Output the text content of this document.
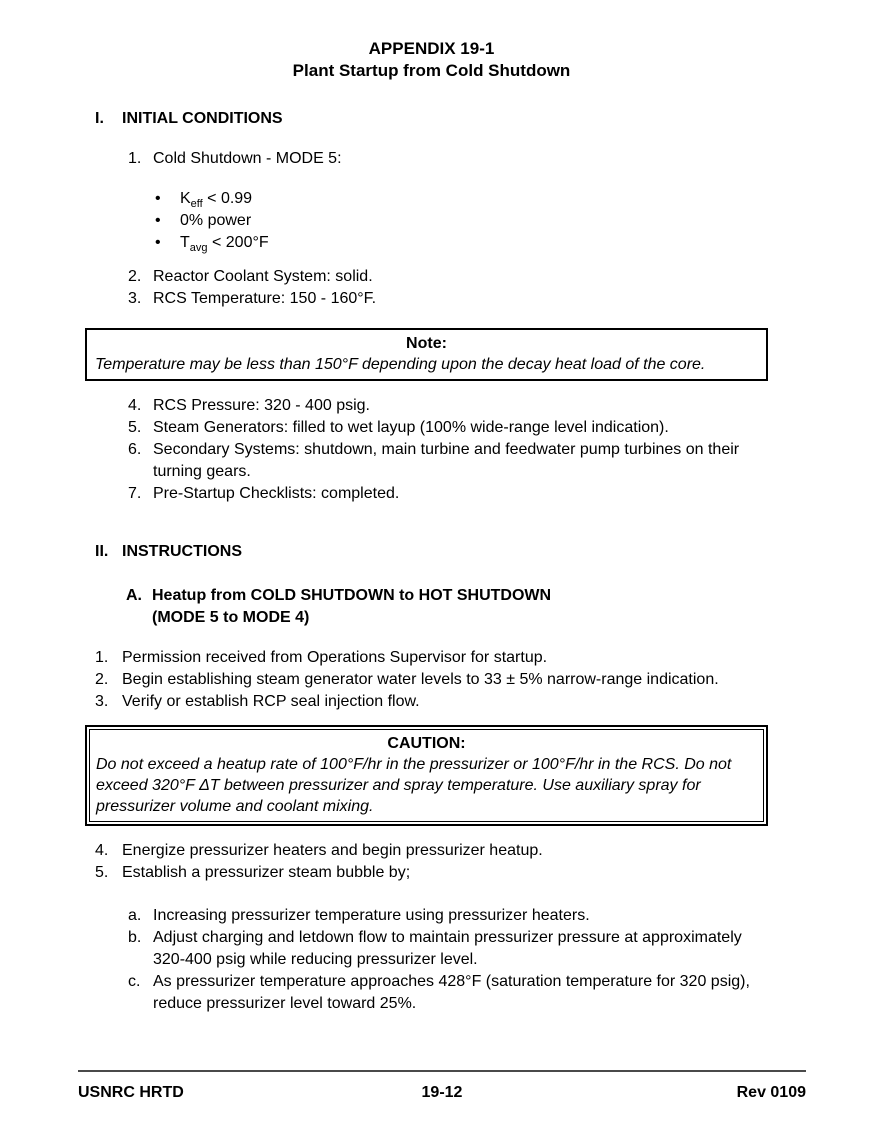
APPENDIX 19-1
Plant Startup from Cold Shutdown
I.	INITIAL CONDITIONS
1. Cold Shutdown - MODE 5:
•	$K_{eff} < 0.99$
•	0% power
•	$T_{avg} < 200^\circ F$
2. Reactor Coolant System: solid.
3. RCS Temperature: 150 - 160°F.
Note:
Temperature may be less than 150°F depending upon the decay heat load of the core.
4. RCS Pressure: 320 - 400 psig.
5. Steam Generators: filled to wet layup (100% wide-range level indication).
6. Secondary Systems: shutdown, main turbine and feedwater pump turbines on their turning gears.
7. Pre-Startup Checklists: completed.
II. INSTRUCTIONS
A. Heatup from COLD SHUTDOWN to HOT SHUTDOWN
(MODE 5 to MODE 4)
1. Permission received from Operations Supervisor for startup.
2. Begin establishing steam generator water levels to 33 ± 5% narrow-range indication.
3. Verify or establish RCP seal injection flow.
CAUTION:
Do not exceed a heatup rate of 100°F/hr in the pressurizer or 100°F/hr in the RCS. Do not exceed 320°F ΔT between pressurizer and spray temperature. Use auxiliary spray for pressurizer volume and coolant mixing.
4. Energize pressurizer heaters and begin pressurizer heatup.
5. Establish a pressurizer steam bubble by;
a. Increasing pressurizer temperature using pressurizer heaters.
b. Adjust charging and letdown flow to maintain pressurizer pressure at approximately 320-400 psig while reducing pressurizer level.
c. As pressurizer temperature approaches 428°F (saturation temperature for 320 psig), reduce pressurizer level toward 25%.
USNRC HRTD	19-12	Rev 0109
